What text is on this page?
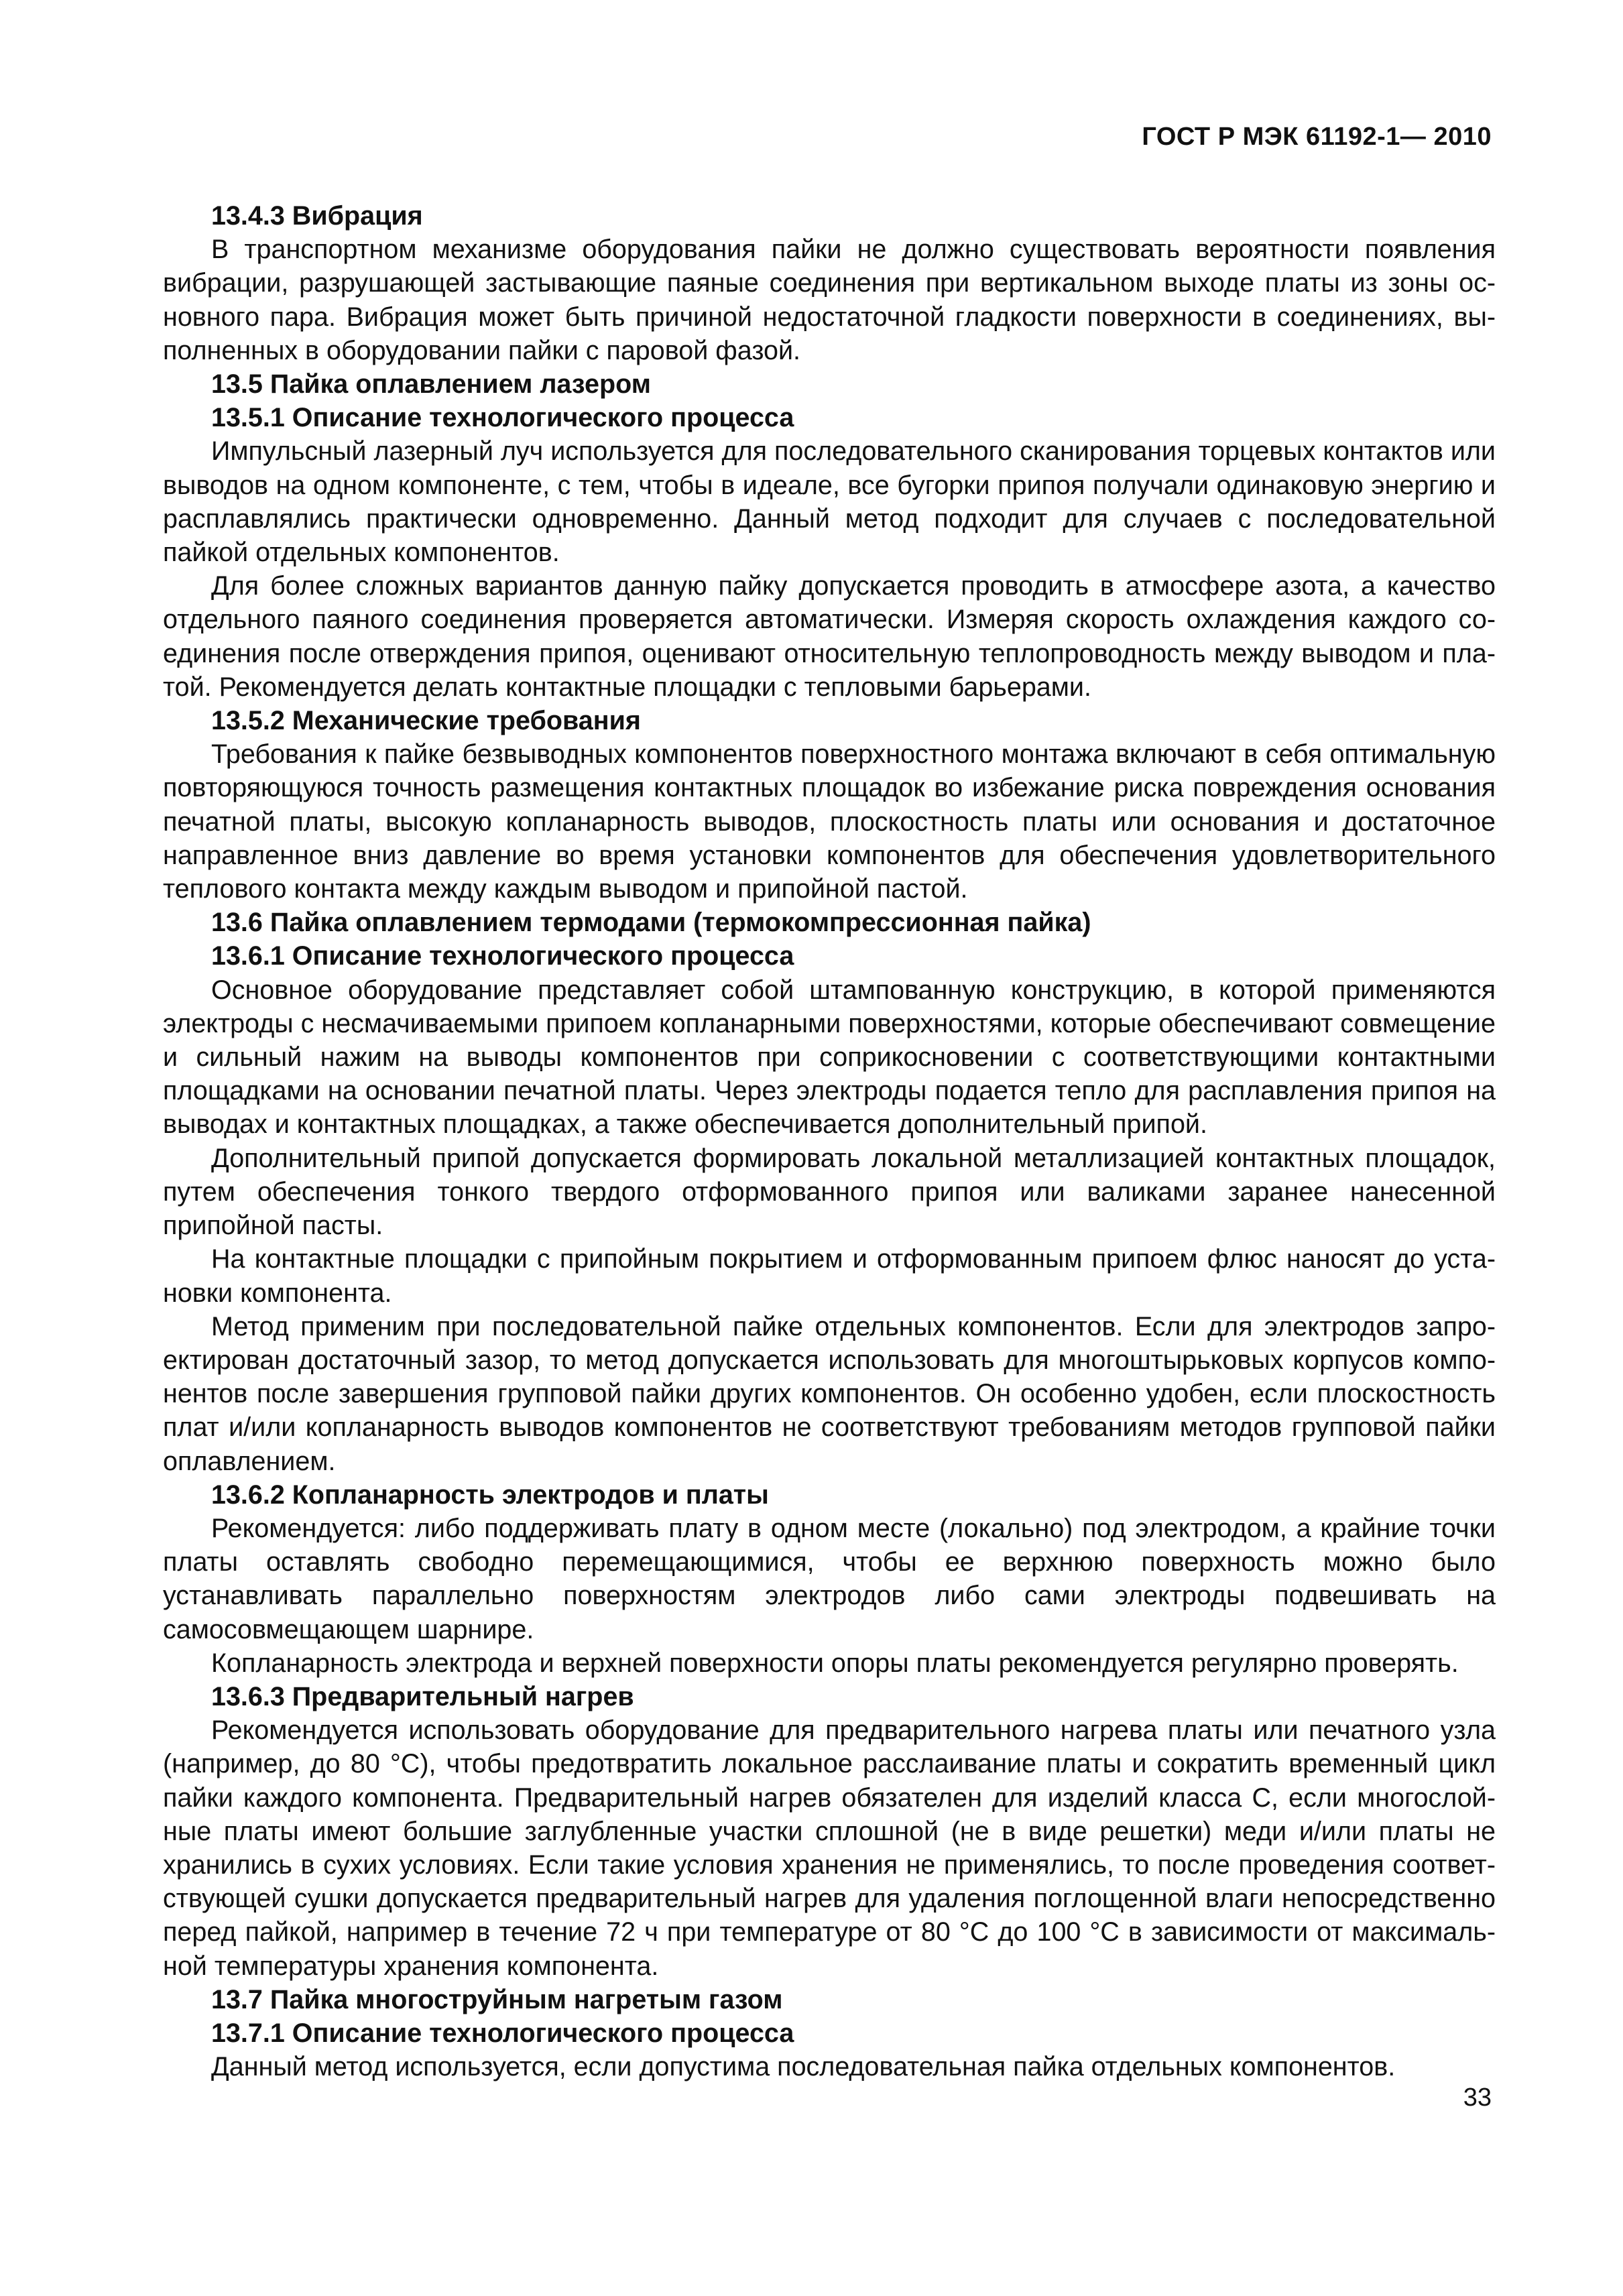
ГОСТ Р МЭК 61192-1— 2010
13.4.3 Вибрация

В транспортном механизме оборудования пайки не должно существовать вероятности появления вибрации, разрушающей застывающие паяные соединения при вертикальном выходе платы из зоны основного пара. Вибрация может быть причиной недостаточной гладкости поверхности в соединениях, выполненных в оборудовании пайки с паровой фазой.

13.5 Пайка оплавлением лазером
13.5.1 Описание технологического процесса

Импульсный лазерный луч используется для последовательного сканирования торцевых контактов или выводов на одном компоненте, с тем, чтобы в идеале, все бугорки припоя получали одинаковую энергию и расплавлялись практически одновременно. Данный метод подходит для случаев с последовательной пайкой отдельных компонентов.

Для более сложных вариантов данную пайку допускается проводить в атмосфере азота, а качество отдельного паяного соединения проверяется автоматически. Измеряя скорость охлаждения каждого соединения после отверждения припоя, оценивают относительную теплопроводность между выводом и платой. Рекомендуется делать контактные площадки с тепловыми барьерами.

13.5.2 Механические требования

Требования к пайке безвыводных компонентов поверхностного монтажа включают в себя оптимальную повторяющуюся точность размещения контактных площадок во избежание риска повреждения основания печатной платы, высокую копланарность выводов, плоскостность платы или основания и достаточное направленное вниз давление во время установки компонентов для обеспечения удовлетворительного теплового контакта между каждым выводом и припойной пастой.

13.6 Пайка оплавлением термодами (термокомпрессионная пайка)
13.6.1 Описание технологического процесса

Основное оборудование представляет собой штампованную конструкцию, в которой применяются электроды с несмачиваемыми припоем копланарными поверхностями, которые обеспечивают совмещение и сильный нажим на выводы компонентов при соприкосновении с соответствующими контактными площадками на основании печатной платы. Через электроды подается тепло для расплавления припоя на выводах и контактных площадках, а также обеспечивается дополнительный припой.

Дополнительный припой допускается формировать локальной металлизацией контактных площадок, путем обеспечения тонкого твердого отформованного припоя или валиками заранее нанесенной припойной пасты.

На контактные площадки с припойным покрытием и отформованным припоем флюс наносят до установки компонента.

Метод применим при последовательной пайке отдельных компонентов. Если для электродов запроектирован достаточный зазор, то метод допускается использовать для многоштырьковых корпусов компонентов после завершения групповой пайки других компонентов. Он особенно удобен, если плоскостность плат и/или копланарность выводов компонентов не соответствуют требованиям методов групповой пайки оплавлением.

13.6.2 Копланарность электродов и платы

Рекомендуется: либо поддерживать плату в одном месте (локально) под электродом, а крайние точки платы оставлять свободно перемещающимися, чтобы ее верхнюю поверхность можно было устанавливать параллельно поверхностям электродов либо сами электроды подвешивать на самосовмещающем шарнире.

Копланарность электрода и верхней поверхности опоры платы рекомендуется регулярно проверять.

13.6.3 Предварительный нагрев

Рекомендуется использовать оборудование для предварительного нагрева платы или печатного узла (например, до 80 °С), чтобы предотвратить локальное расслаивание платы и сократить временный цикл пайки каждого компонента. Предварительный нагрев обязателен для изделий класса С, если многослойные платы имеют большие заглубленные участки сплошной (не в виде решетки) меди и/или платы не хранились в сухих условиях. Если такие условия хранения не применялись, то после проведения соответствующей сушки допускается предварительный нагрев для удаления поглощенной влаги непосредственно перед пайкой, например в течение 72 ч при температуре от 80 °С до 100 °С в зависимости от максимальной температуры хранения компонента.

13.7 Пайка многоструйным нагретым газом
13.7.1 Описание технологического процесса

Данный метод используется, если допустима последовательная пайка отдельных компонентов.

33
